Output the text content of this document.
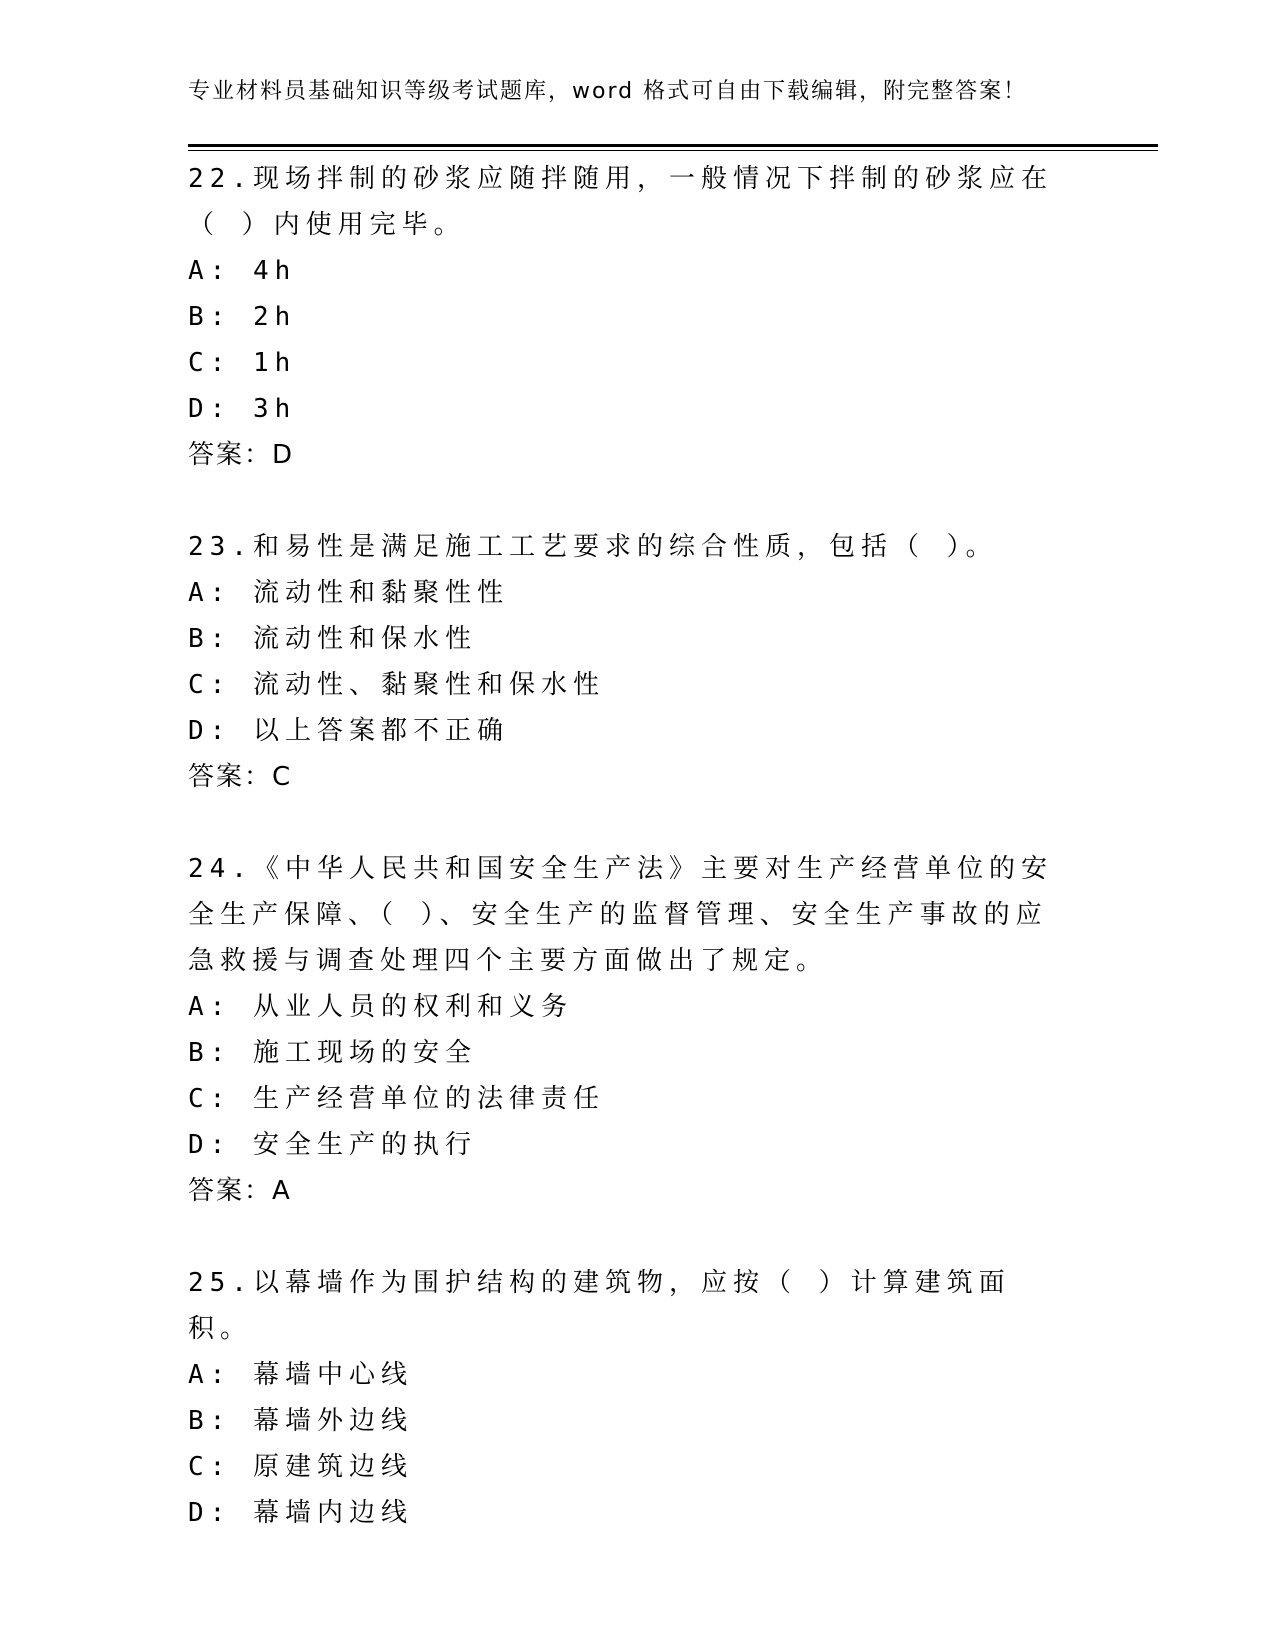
专业材料员基础知识等级考试题库，word 格式可自由下载编辑，附完整答案！
22.现场拌制的砂浆应随拌随用，一般情况下拌制的砂浆应在（ ）内使用完毕。
A: 4h
B: 2h
C: 1h
D: 3h
答案：D
23.和易性是满足施工工艺要求的综合性质，包括（ ）。
A: 流动性和黏聚性性
B: 流动性和保水性
C: 流动性、黏聚性和保水性
D: 以上答案都不正确
答案：C
24.《中华人民共和国安全生产法》主要对生产经营单位的安全生产保障、（ ）、安全生产的监督管理、安全生产事故的应急救援与调查处理四个主要方面做出了规定。
A: 从业人员的权利和义务
B: 施工现场的安全
C: 生产经营单位的法律责任
D: 安全生产的执行
答案：A
25.以幕墙作为围护结构的建筑物，应按（ ）计算建筑面积。
A: 幕墙中心线
B: 幕墙外边线
C: 原建筑边线
D: 幕墙内边线
